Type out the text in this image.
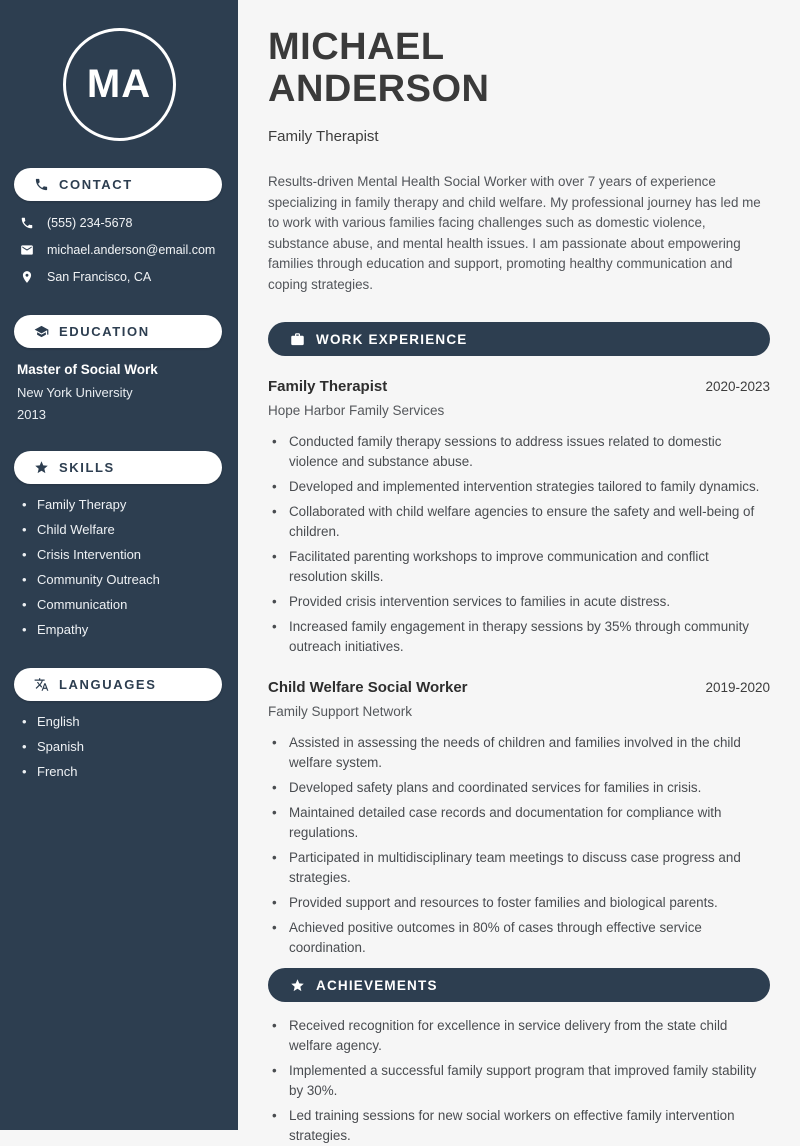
MA
CONTACT
(555) 234-5678
michael.anderson@email.com
San Francisco, CA
EDUCATION
Master of Social Work
New York University
2013
SKILLS
• Family Therapy
• Child Welfare
• Crisis Intervention
• Community Outreach
• Communication
• Empathy
LANGUAGES
• English
• Spanish
• French
MICHAEL ANDERSON
Family Therapist

Results-driven Mental Health Social Worker with over 7 years of experience specializing in family therapy and child welfare. My professional journey has led me to work with various families facing challenges such as domestic violence, substance abuse, and mental health issues. I am passionate about empowering families through education and support, promoting healthy communication and coping strategies.

WORK EXPERIENCE
Family Therapist	2020-2023
Hope Harbor Family Services
• Conducted family therapy sessions to address issues related to domestic violence and substance abuse.
• Developed and implemented intervention strategies tailored to family dynamics.
• Collaborated with child welfare agencies to ensure the safety and well-being of children.
• Facilitated parenting workshops to improve communication and conflict resolution skills.
• Provided crisis intervention services to families in acute distress.
• Increased family engagement in therapy sessions by 35% through community outreach initiatives.
Child Welfare Social Worker	2019-2020
Family Support Network
• Assisted in assessing the needs of children and families involved in the child welfare system.
• Developed safety plans and coordinated services for families in crisis.
• Maintained detailed case records and documentation for compliance with regulations.
• Participated in multidisciplinary team meetings to discuss case progress and strategies.
• Provided support and resources to foster families and biological parents.
• Achieved positive outcomes in 80% of cases through effective service coordination.
ACHIEVEMENTS
• Received recognition for excellence in service delivery from the state child welfare agency.
• Implemented a successful family support program that improved family stability by 30%.
• Led training sessions for new social workers on effective family intervention strategies.
